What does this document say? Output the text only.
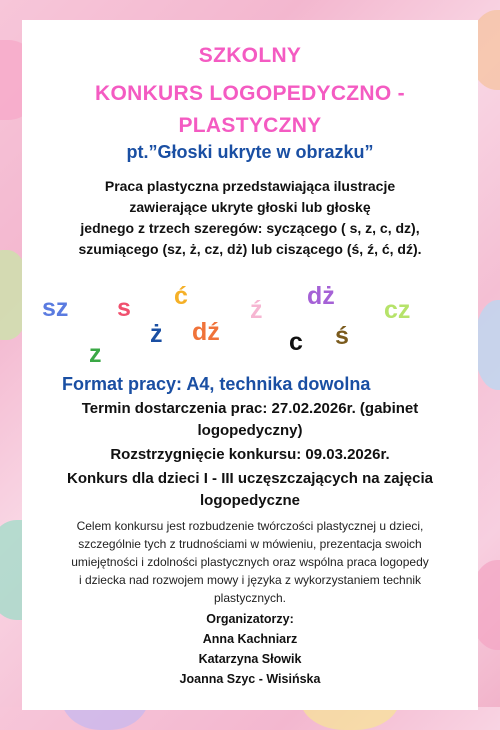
SZKOLNY
KONKURS LOGOPEDYCZNO -
PLASTYCZNY
pt.”Głoski ukryte w obrazku”
Praca plastyczna przedstawiająca ilustracje
zawierające ukryte głoski lub głoskę
jednego z trzech szeregów: syczącego ( s, z, c, dz),
szumiącego (sz, ż, cz, dż) lub ciszącego (ś, ź, ć, dź).
sz s
z
ż
ć
dź
ź dż
c ś
cz
Format pracy: A4, technika dowolna
Termin dostarczenia prac: 27.02.2026r. (gabinet
logopedyczny)
Rozstrzygnięcie konkursu: 09.03.2026r.
Konkurs dla dzieci I - III uczęszczających na zajęcia
logopedyczne
Celem konkursu jest rozbudzenie twórczości plastycznej u dzieci,
szczególnie tych z trudnościami w mówieniu, prezentacja swoich
umiejętności i zdolności plastycznych oraz wspólna praca logopedy
i dziecka nad rozwojem mowy i języka z wykorzystaniem technik
plastycznych.
Organizatorzy:
Anna Kachniarz
Katarzyna Słowik
Joanna Szyc - Wisińska
